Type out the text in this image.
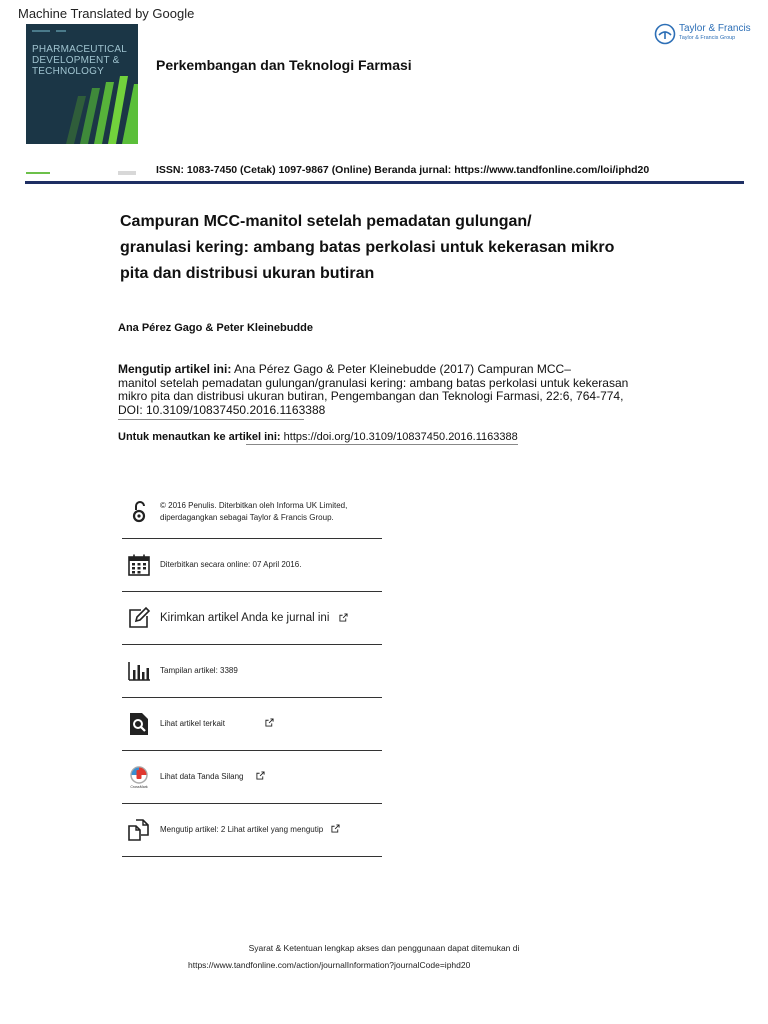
Machine Translated by Google
PHARMACEUTICAL
DEVELOPMENT &
TECHNOLOGY	Perkembangan dan Teknologi Farmasi
Taylor & Francis
Taylor & Francis Group
ISSN: 1083-7450 (Cetak) 1097-9867 (Online) Beranda jurnal: https://www.tandfonline.com/loi/iphd20
Campuran MCC-manitol setelah pemadatan gulungan/
granulasi kering: ambang batas perkolasi untuk kekerasan mikro
pita dan distribusi ukuran butiran
Ana Pérez Gago & Peter Kleinebudde
Mengutip artikel ini: Ana Pérez Gago & Peter Kleinebudde (2017) Campuran MCC–
manitol setelah pemadatan gulungan/granulasi kering: ambang batas perkolasi untuk kekerasan
mikro pita dan distribusi ukuran butiran, Pengembangan dan Teknologi Farmasi, 22:6, 764-774,
DOI: 10.3109/10837450.2016.1163388
Untuk menautkan ke artikel ini: https://doi.org/10.3109/10837450.2016.1163388
© 2016 Penulis. Diterbitkan oleh Informa UK Limited,
diperdagangkan sebagai Taylor & Francis Group.
Diterbitkan secara online: 07 April 2016.
Kirimkan artikel Anda ke jurnal ini
Tampilan artikel: 3389
Lihat artikel terkait
CrossMark
Lihat data Tanda Silang
Mengutip artikel: 2 Lihat artikel yang mengutip
Syarat & Ketentuan lengkap akses dan penggunaan dapat ditemukan di
https://www.tandfonline.com/action/journalInformation?journalCode=iphd20
